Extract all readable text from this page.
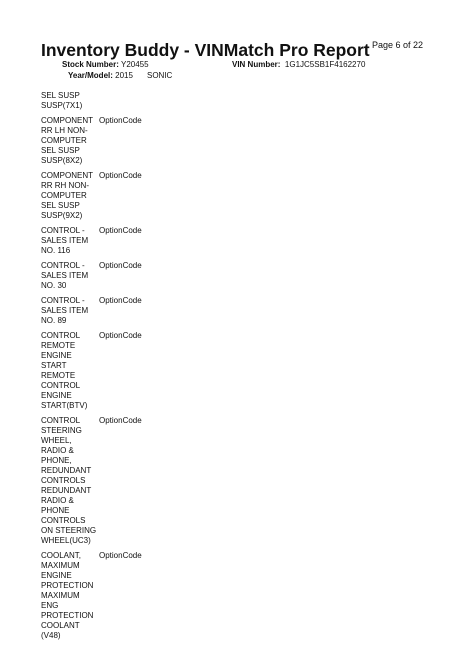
Inventory Buddy - VINMatch Pro Report Page 6 of 22
Stock Number: Y20455	VIN Number: 1G1JC5SB1F4162270
Year/Model: 2015 SONIC
SEL SUSP
SUSP(7X1)
COMPONENT
RR LH NON-
COMPUTER
SEL SUSP
SUSP(8X2)
OptionCode
COMPONENT
RR RH NON-
COMPUTER
SEL SUSP
SUSP(9X2)
OptionCode
CONTROL -
SALES ITEM
NO. 116
OptionCode
CONTROL -
SALES ITEM
NO. 30
OptionCode
CONTROL -
SALES ITEM
NO. 89
OptionCode
CONTROL
REMOTE
ENGINE
START
REMOTE
CONTROL
ENGINE
START(BTV)
OptionCode
CONTROL
STEERING
WHEEL,
RADIO &
PHONE,
REDUNDANT
CONTROLS
REDUNDANT
RADIO &
PHONE
CONTROLS
ON STEERING
WHEEL(UC3)
OptionCode
COOLANT,
MAXIMUM
ENGINE
PROTECTION
MAXIMUM
ENG
PROTECTION
COOLANT
(V48)
OptionCode
